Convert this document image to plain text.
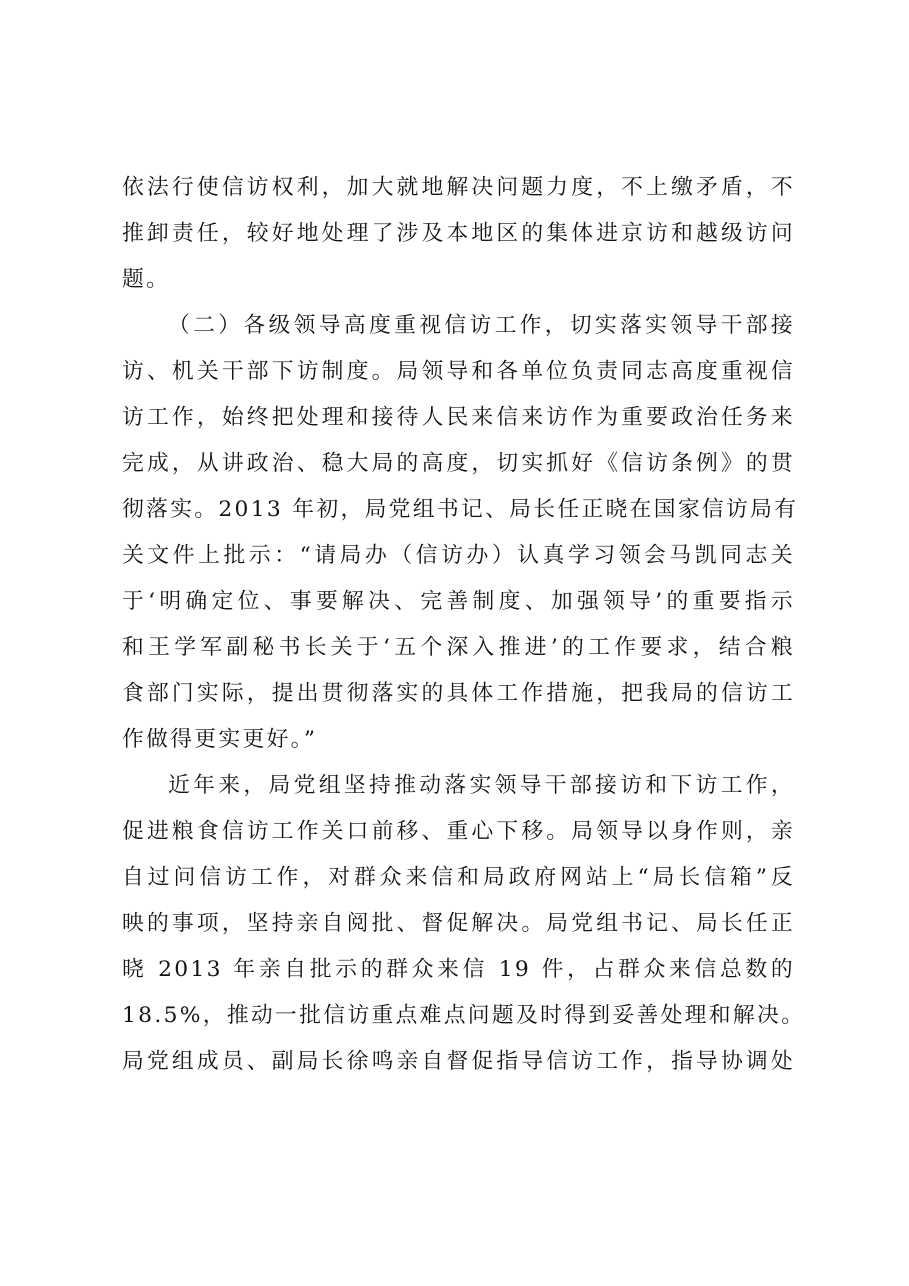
依法行使信访权利，加大就地解决问题力度，不上缴矛盾，不
推卸责任，较好地处理了涉及本地区的集体进京访和越级访问
题。

（二）各级领导高度重视信访工作，切实落实领导干部接
访、机关干部下访制度。局领导和各单位负责同志高度重视信
访工作，始终把处理和接待人民来信来访作为重要政治任务来
完成，从讲政治、稳大局的高度，切实抓好《信访条例》的贯
彻落实。2013 年初，局党组书记、局长任正晓在国家信访局有
关文件上批示：“请局办（信访办）认真学习领会马凯同志关
于‘明确定位、事要解决、完善制度、加强领导’的重要指示
和王学军副秘书长关于‘五个深入推进’的工作要求，结合粮
食部门实际，提出贯彻落实的具体工作措施，把我局的信访工
作做得更实更好。”

近年来，局党组坚持推动落实领导干部接访和下访工作，
促进粮食信访工作关口前移、重心下移。局领导以身作则，亲
自过问信访工作，对群众来信和局政府网站上“局长信箱”反
映的事项，坚持亲自阅批、督促解决。局党组书记、局长任正
晓 2013 年亲自批示的群众来信 19 件，占群众来信总数的
18.5%，推动一批信访重点难点问题及时得到妥善处理和解决。
局党组成员、副局长徐鸣亲自督促指导信访工作，指导协调处
